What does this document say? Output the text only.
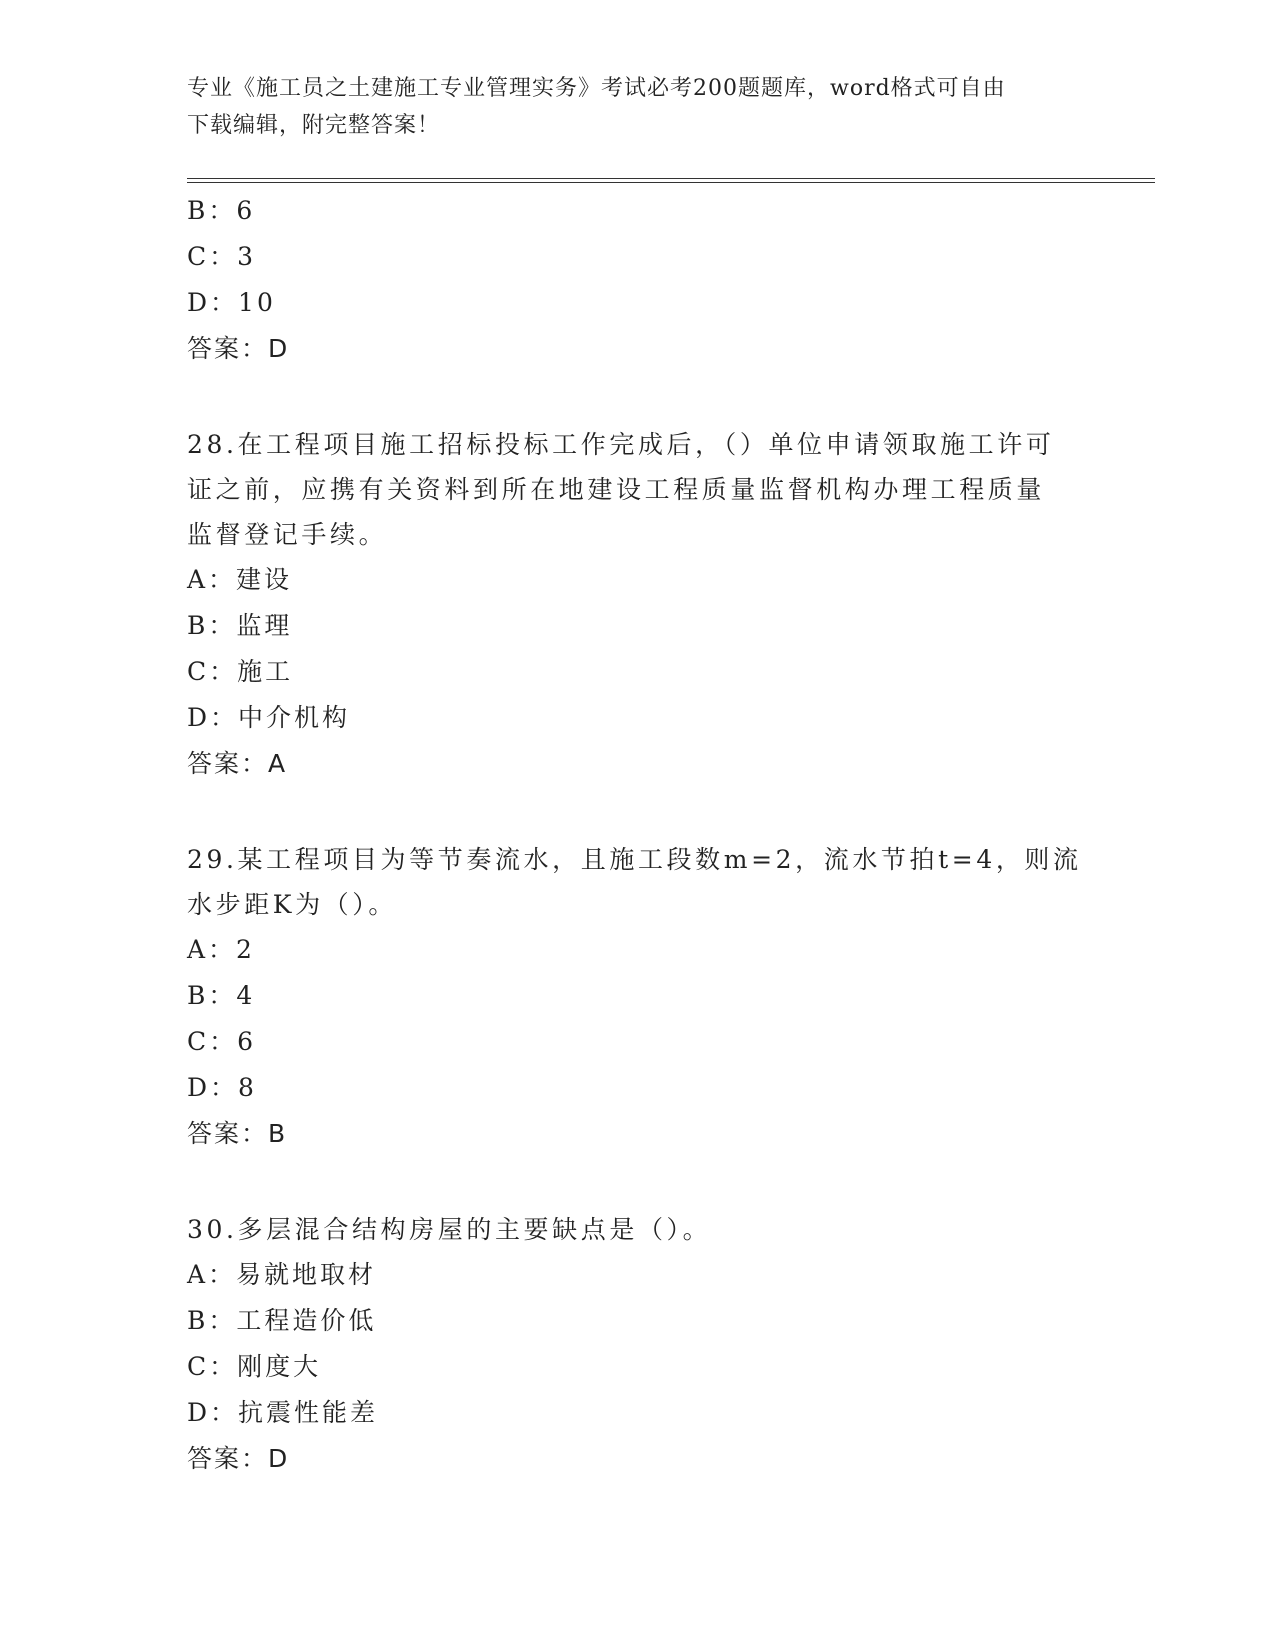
专业《施工员之土建施工专业管理实务》考试必考200题题库，word格式可自由
下载编辑，附完整答案！
B：6
C：3
D：10
答案：D
28.在工程项目施工招标投标工作完成后，（）单位申请领取施工许可
证之前，应携有关资料到所在地建设工程质量监督机构办理工程质量
监督登记手续。
A：建设
B：监理
C：施工
D：中介机构
答案：A
29.某工程项目为等节奏流水，且施工段数m=2，流水节拍t=4，则流
水步距K为（）。
A：2
B：4
C：6
D：8
答案：B
30.多层混合结构房屋的主要缺点是（）。
A：易就地取材
B：工程造价低
C：刚度大
D：抗震性能差
答案：D
